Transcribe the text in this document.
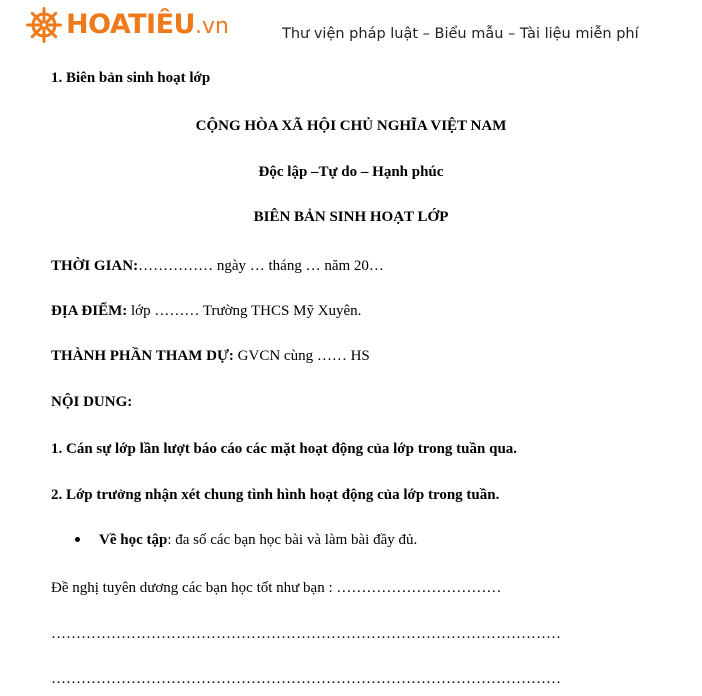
HOATIÊU.vn	Thư viện pháp luật – Biểu mẫu – Tài liệu miễn phí
1. Biên bản sinh hoạt lớp
CỘNG HÒA XÃ HỘI CHỦ NGHĨA VIỆT NAM
Độc lập –Tự do – Hạnh phúc
BIÊN BẢN SINH HOẠT LỚP
THỜI GIAN:…………… ngày … tháng … năm 20…
ĐỊA ĐIỂM: lớp ……… Trường THCS Mỹ Xuyên.
THÀNH PHẦN THAM DỰ: GVCN cùng …… HS
NỘI DUNG:
1. Cán sự lớp lần lượt báo cáo các mặt hoạt động của lớp trong tuần qua.
2. Lớp trưởng nhận xét chung tình hình hoạt động của lớp trong tuần.
Về học tập: đa số các bạn học bài và làm bài đầy đủ.
Đề nghị tuyên dương các bạn học tốt như bạn : ……………………………
…………………………………………………………………………………………
…………………………………………………………………………………………
